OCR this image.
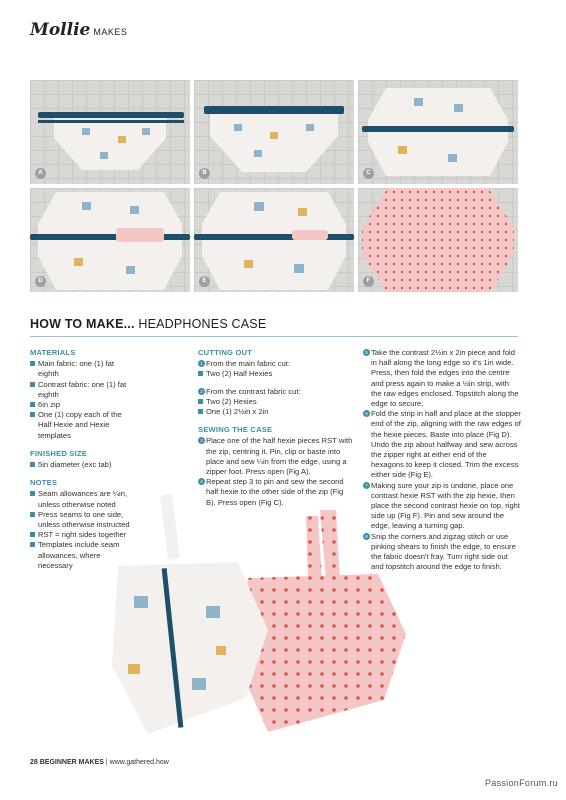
Mollie MAKES
A	B	C
D	E	F
HOW TO MAKE... HEADPHONES CASE
MATERIALS
Main fabric: one (1) fat eighth
Contrast fabric: one (1) fat eighth
6in zip
One (1) copy each of the Half Hexie and Hexie templates
FINISHED SIZE
5in diameter (exc tab)
NOTES
Seam allowances are ¼in, unless otherwise noted
Press seams to one side, unless otherwise instructed
RST = right sides together
Templates include seam allowances, where necessary
CUTTING OUT
1 From the main fabric cut:
Two (2) Half Hexies
2 From the contrast fabric cut:
Two (2) Hexies
One (1) 2½in x 2in
SEWING THE CASE
3 Place one of the half hexie pieces RST with the zip, centring it. Pin, clip or baste into place and sew ¼in from the edge, using a zipper foot. Press open (Fig A).
4 Repeat step 3 to pin and sew the second half hexie to the other side of the zip (Fig B). Press open (Fig C).
5 Take the contrast 2½in x 2in piece and fold in half along the long edge so it's 1in wide. Press, then fold the edges into the centre and press again to make a ½in strip, with the raw edges enclosed. Topstitch along the edge to secure.
6 Fold the strip in half and place at the stopper end of the zip, aligning with the raw edges of the hexie pieces. Baste into place (Fig D). Undo the zip about halfway and sew across the zipper right at either end of the hexagons to keep it closed. Trim the excess either side (Fig E).
7 Making sure your zip is undone, place one contrast hexie RST with the zip hexie, then place the second contrast hexie on top, right side up (Fig F). Pin and sew around the edge, leaving a turning gap.
8 Snip the corners and zigzag stitch or use pinking shears to finish the edge, to ensure the fabric doesn't fray. Turn right side out and topstitch around the edge to finish.
28 BEGINNER MAKES | www.gathered.how
PassionForum.ru
